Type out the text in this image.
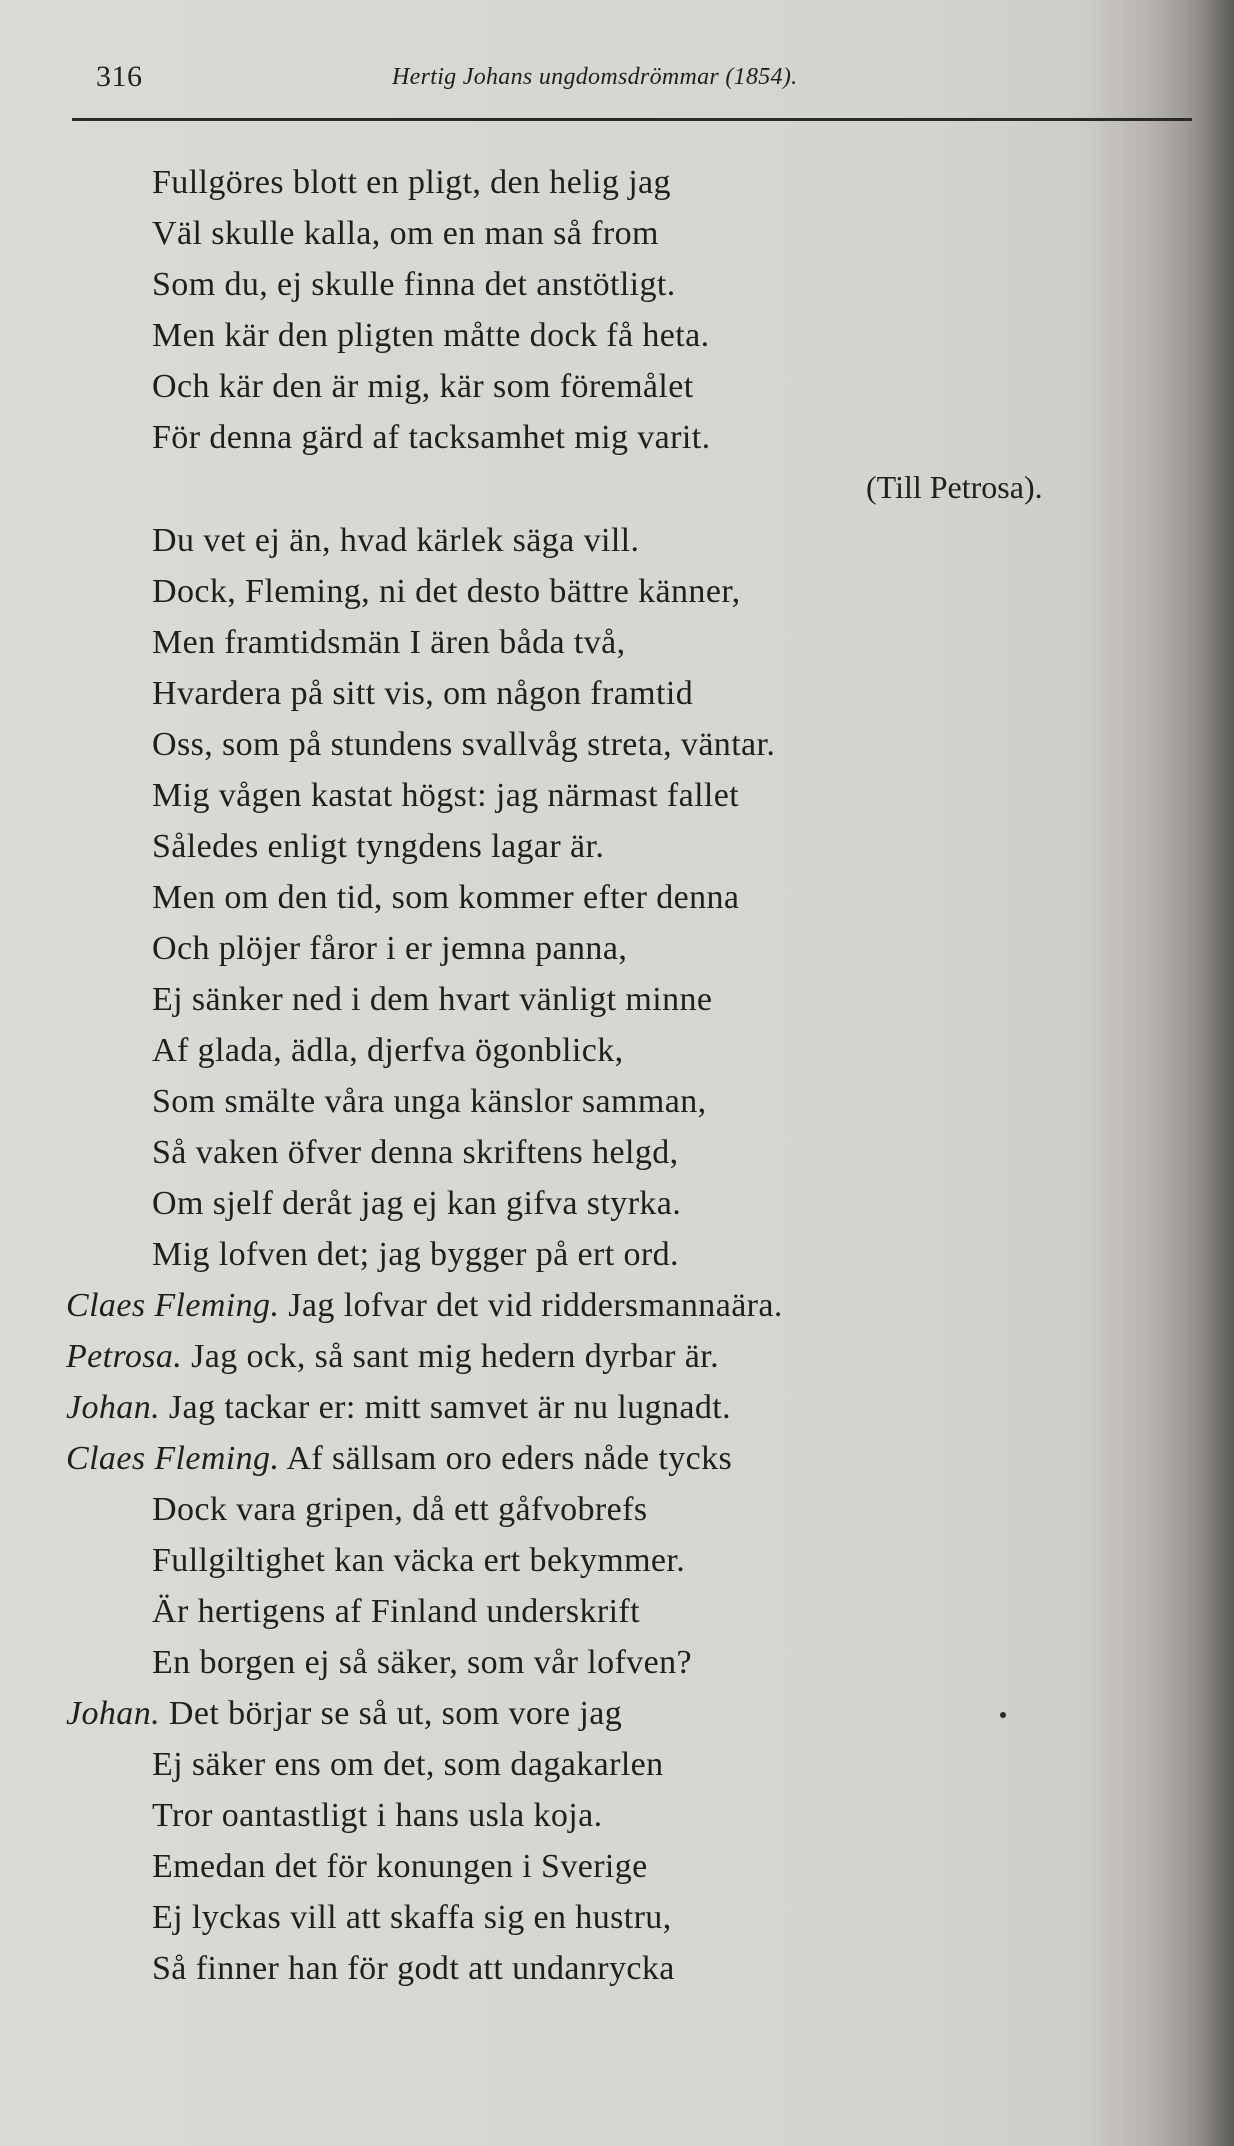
316	Hertig Johans ungdomsdrömmar (1854).
Fullgöres blott en pligt, den helig jag
Väl skulle kalla, om en man så from
Som du, ej skulle finna det anstötligt.
Men kär den pligten måtte dock få heta.
Och kär den är mig, kär som föremålet
För denna gärd af tacksamhet mig varit.
(Till Petrosa).
Du vet ej än, hvad kärlek säga vill.
Dock, Fleming, ni det desto bättre känner,
Men framtidsmän I ären båda två,
Hvardera på sitt vis, om någon framtid
Oss, som på stundens svallvåg streta, väntar.
Mig vågen kastat högst: jag närmast fallet
Således enligt tyngdens lagar är.
Men om den tid, som kommer efter denna
Och plöjer fåror i er jemna panna,
Ej sänker ned i dem hvart vänligt minne
Af glada, ädla, djerfva ögonblick,
Som smälte våra unga känslor samman,
Så vaken öfver denna skriftens helgd,
Om sjelf deråt jag ej kan gifva styrka.
Mig lofven det; jag bygger på ert ord.
Claes Fleming. Jag lofvar det vid riddersmannaära.
Petrosa. Jag ock, så sant mig hedern dyrbar är.
Johan. Jag tackar er: mitt samvet är nu lugnadt.
Claes Fleming. Af sällsam oro eders nåde tycks
Dock vara gripen, då ett gåfvobrefs
Fullgiltighet kan väcka ert bekymmer.
Är hertigens af Finland underskrift
En borgen ej så säker, som vår lofven?
Johan. Det börjar se så ut, som vore jag
Ej säker ens om det, som dagakarlen
Tror oantastligt i hans usla koja.
Emedan det för konungen i Sverige
Ej lyckas vill att skaffa sig en hustru,
Så finner han för godt att undanrycka
